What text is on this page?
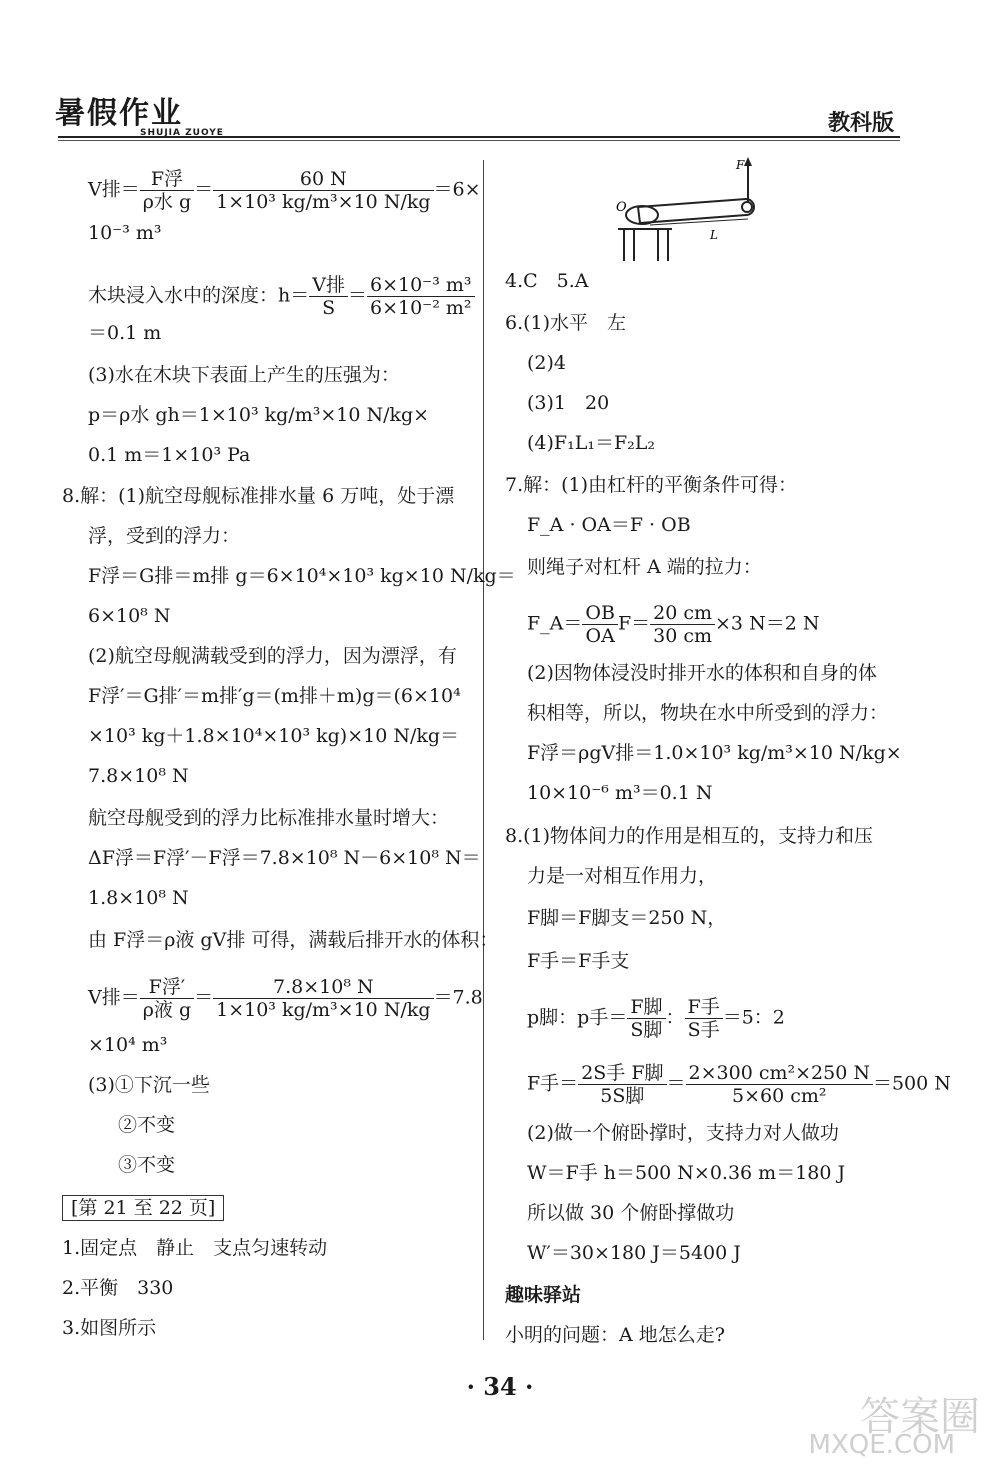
暑假作业
SHUJIA ZUOYE	教科版
V排＝ $\frac{\text{F浮}}{\text{ρ水 g}} = \frac{60 N}{\text{1×10³ kg/m³×10 N/kg}} =6\times$
10⁻³ m³
木块浸入水中的深度：$h= \frac{\text{V排}}{S} = \frac{\text{6×10⁻³ m³}}{\text{6×10⁻² m²}}$
＝0.1 m
(3)水在木块下表面上产生的压强为：
p＝ρ水 gh＝1×10³ kg/m³×10 N/kg×
0.1 m＝1×10³ Pa
8.解：(1)航空母舰标准排水量 6 万吨，处于漂
浮，受到的浮力：
F浮＝G排＝m排 g＝6×10⁴×10³ kg×10 N/kg＝
6×10⁸ N
(2)航空母舰满载受到的浮力，因为漂浮，有
F浮′＝G排′＝m排′g＝(m排＋m)g＝(6×10⁴
×10³ kg＋1.8×10⁴×10³ kg)×10 N/kg＝
7.8×10⁸ N
航空母舰受到的浮力比标准排水量时增大：
ΔF浮＝F浮′－F浮＝7.8×10⁸ N－6×10⁸ N＝
1.8×10⁸ N
由 F浮＝ρ液 gV排 可得，满载后排开水的体积：
V排＝ $\frac{\text{F浮′}}{\text{ρ液 g}} = \frac{\text{7.8×10⁸ N}}{\text{1×10³ kg/m³×10 N/kg}} =7.8$
×10⁴ m³
(3)①下沉一些
②不变
③不变
[第 21 至 22 页]
1.固定点　静止　支点匀速转动
2.平衡　330
3.如图所示
F
O
L
4.C　5.A
6.(1)水平　左
(2)4
(3)1　20
(4)F₁L₁＝F₂L₂
7.解：(1)由杠杆的平衡条件可得：
F_A · OA＝F · OB
则绳子对杠杆 A 端的拉力：
F_A＝ $\frac{OB}{OA} F= \frac{20 cm}{30 cm} \times 3$ N＝2 N
(2)因物体浸没时排开水的体积和自身的体
积相等，所以，物块在水中所受到的浮力：
F浮＝ρgV排＝1.0×10³ kg/m³×10 N/kg×
10×10⁻⁶ m³＝0.1 N
8.(1)物体间力的作用是相互的，支持力和压
力是一对相互作用力，
F脚＝F脚支＝250 N，
F手＝F手支
p脚：p手＝ $\frac{\text{F脚}}{\text{S脚}}$ ： $\frac{\text{F手}}{\text{S手}} =5$：2
F手＝ $\frac{\text{2S手 F脚}}{\text{5S脚}} = \frac{\text{2×300 cm²×250 N}}{\text{5×60 cm²}} =500$ N
(2)做一个俯卧撑时，支持力对人做功
W＝F手 h＝500 N×0.36 m＝180 J
所以做 30 个俯卧撑做功
W′＝30×180 J＝5400 J
趣味驿站
小明的问题：A 地怎么走?
· 34 ·
答案圈
MXQE.COM
